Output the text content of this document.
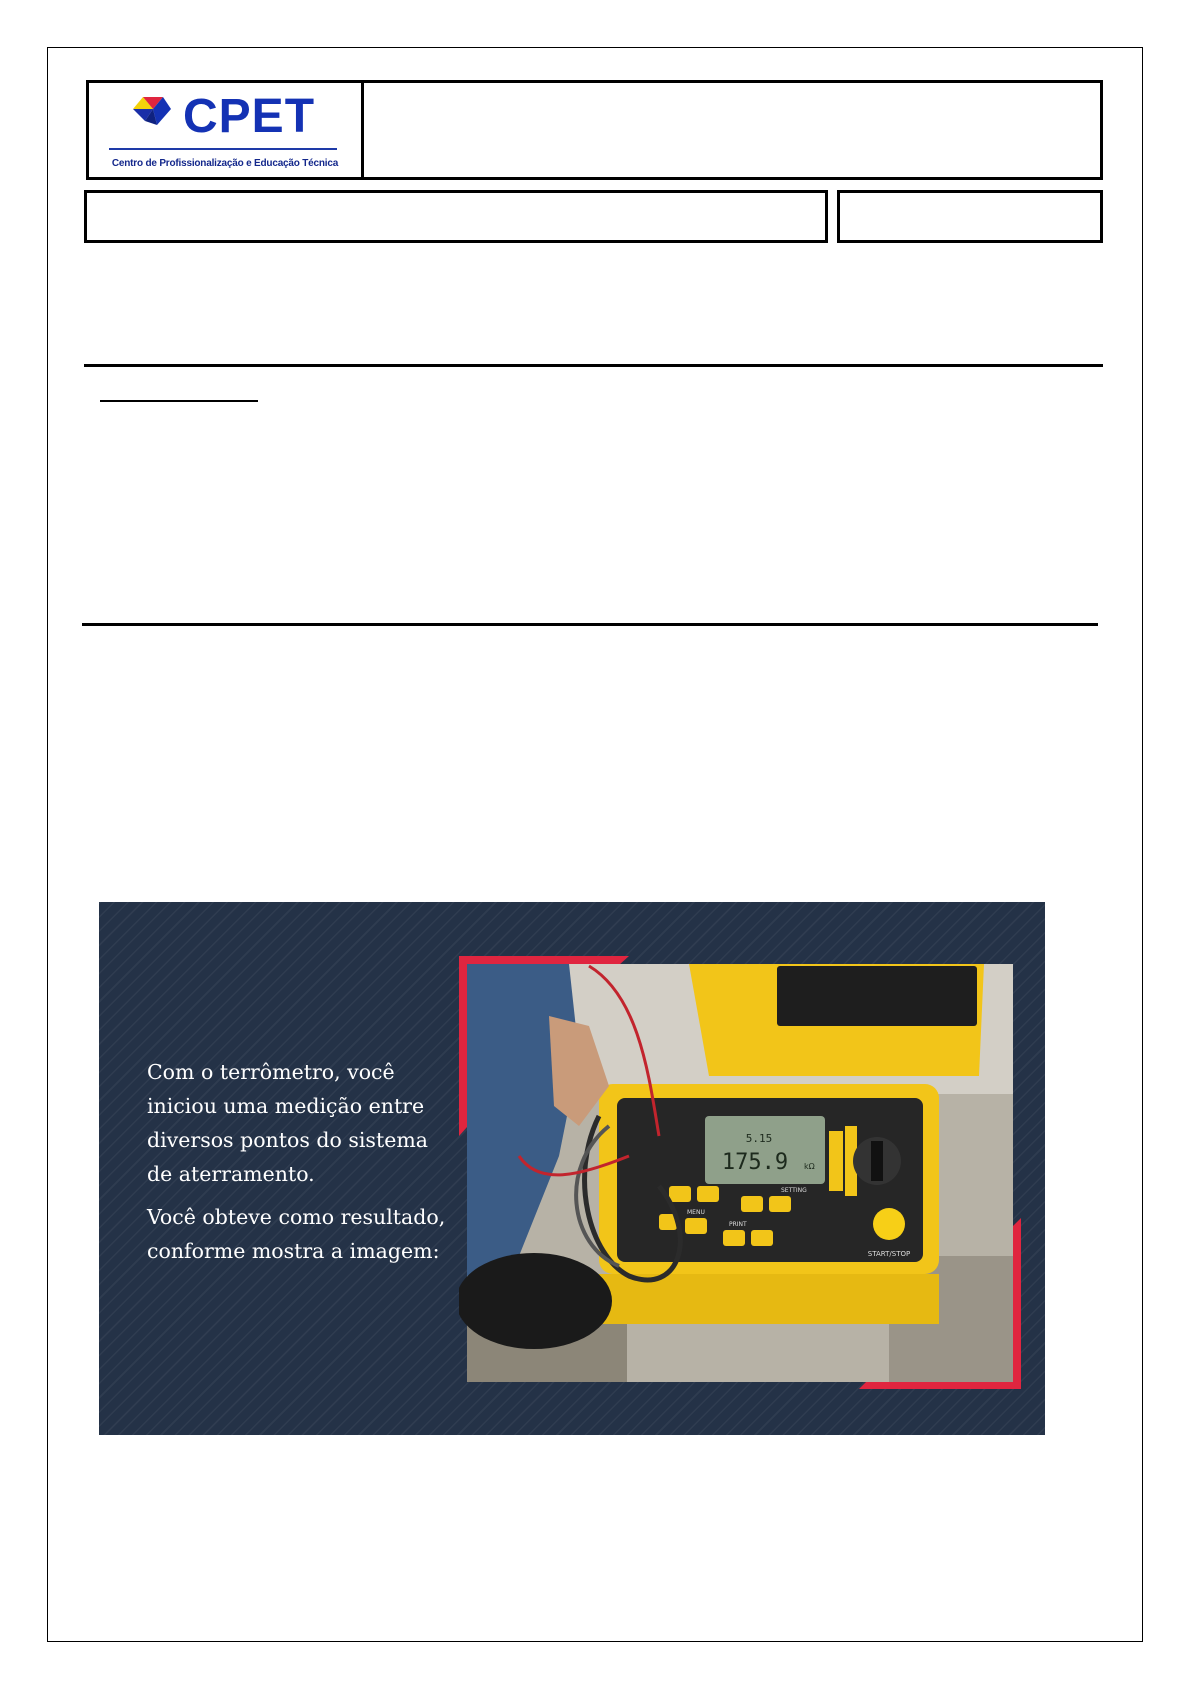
CPET
Centro de Profissionalização e Educação Técnica

Com o terrômetro, você iniciou uma medição entre diversos pontos do sistema de aterramento.

Você obteve como resultado, conforme mostra a imagem:

5.15
175.9 kΩ
START/STOP
SETTING
PRINT
MENU
